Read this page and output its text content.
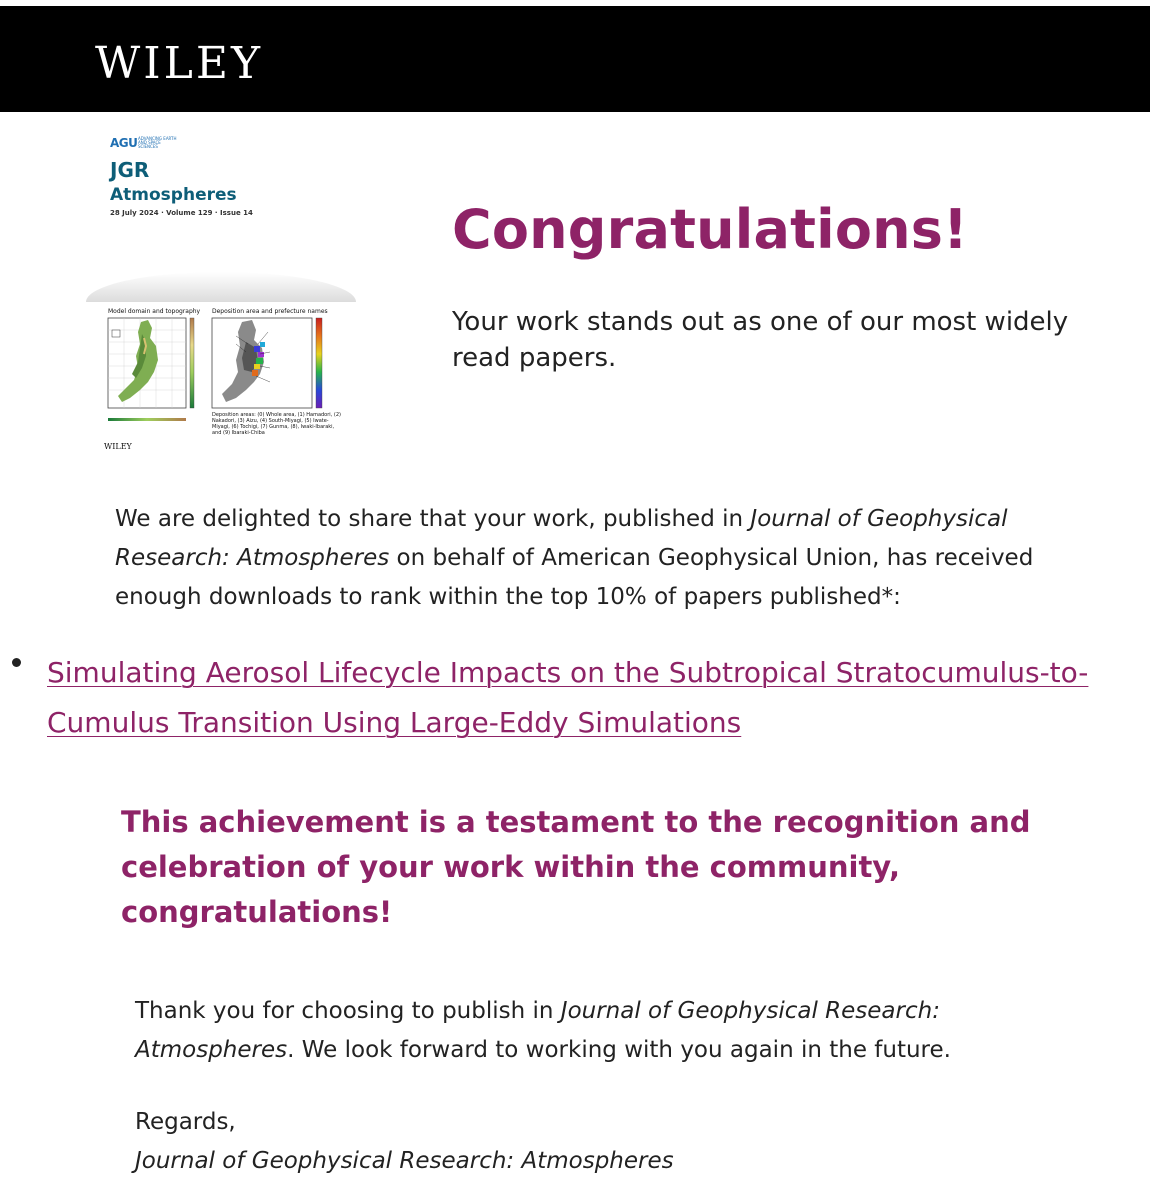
WILEY
AGU ADVANCING EARTH AND SPACE SCIENCES
JGR
Atmospheres
28 July 2024 · Volume 129 · Issue 14
Model domain and topography Deposition area and prefecture names
Deposition areas: (0) Whole area, (1) Hamadori, (2) Nakadori, (3) Aizu, (4) South-Miyagi, (5) Iwate-Miyagi, (6) Tochigi, (7) Gunma, (8), Iwaki-Ibaraki, and (9) Ibaraki-Chiba
WILEY
Congratulations!

Your work stands out as one of our most widely read papers.

We are delighted to share that your work, published in Journal of Geophysical Research: Atmospheres on behalf of American Geophysical Union, has received enough downloads to rank within the top 10% of papers published*:

Simulating Aerosol Lifecycle Impacts on the Subtropical Stratocumulus-to-Cumulus Transition Using Large-Eddy Simulations

This achievement is a testament to the recognition and celebration of your work within the community, congratulations!

Thank you for choosing to publish in Journal of Geophysical Research: Atmospheres. We look forward to working with you again in the future.

Regards,
Journal of Geophysical Research: Atmospheres
